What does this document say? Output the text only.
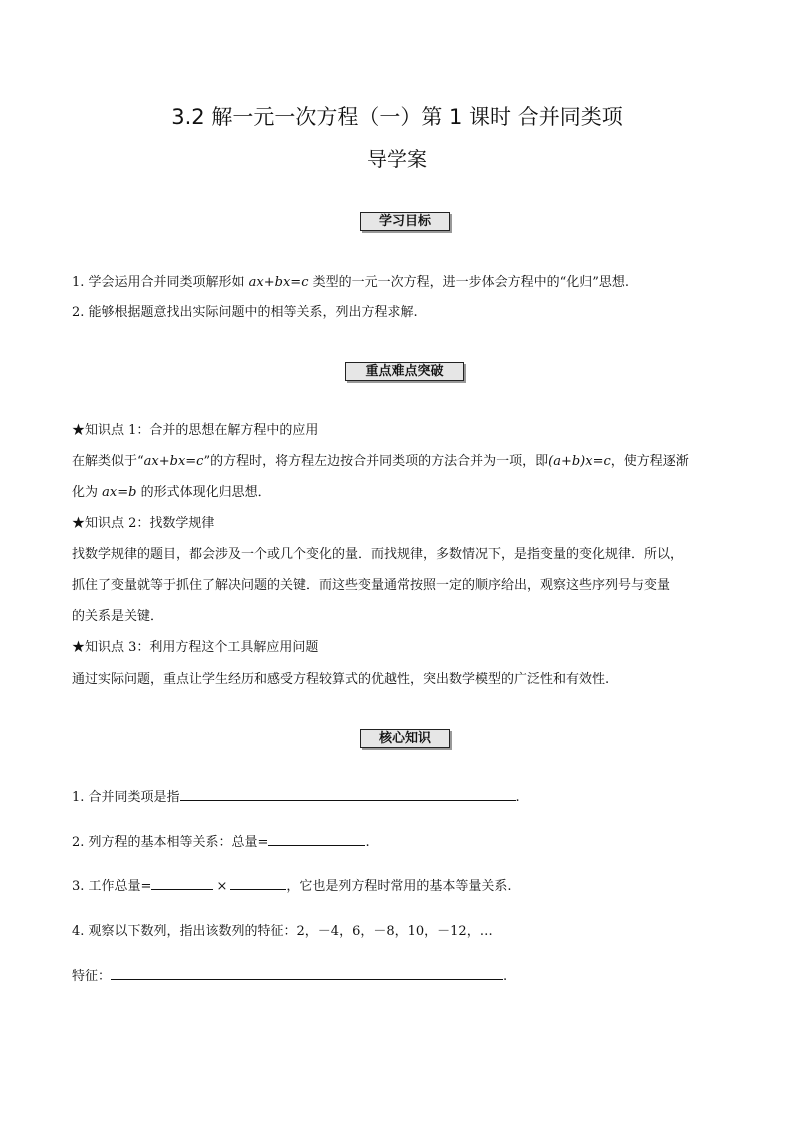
3.2 解一元一次方程（一）第 1 课时 合并同类项
导学案
学习目标
1. 学会运用合并同类项解形如 ax+bx=c 类型的一元一次方程，进一步体会方程中的“化归”思想.
2. 能够根据题意找出实际问题中的相等关系，列出方程求解.
重点难点突破
★知识点 1：合并的思想在解方程中的应用
在解类似于“ax+bx=c”的方程时，将方程左边按合并同类项的方法合并为一项，即(a+b)x=c，使方程逐渐
化为 ax=b 的形式体现化归思想．
★知识点 2：找数学规律
找数学规律的题目，都会涉及一个或几个变化的量．而找规律，多数情况下，是指变量的变化规律．所以，
抓住了变量就等于抓住了解决问题的关键．而这些变量通常按照一定的顺序给出，观察这些序列号与变量
的关系是关键．
★知识点 3：利用方程这个工具解应用问题
通过实际问题，重点让学生经历和感受方程较算式的优越性，突出数学模型的广泛性和有效性.
核心知识
1. 合并同类项是指	.
2. 列方程的基本相等关系：总量=	.
3. 工作总量=	×	，它也是列方程时常用的基本等量关系.
4. 观察以下数列，指出该数列的特征：2，－4，6，－8，10，－12，…
特征：	.
